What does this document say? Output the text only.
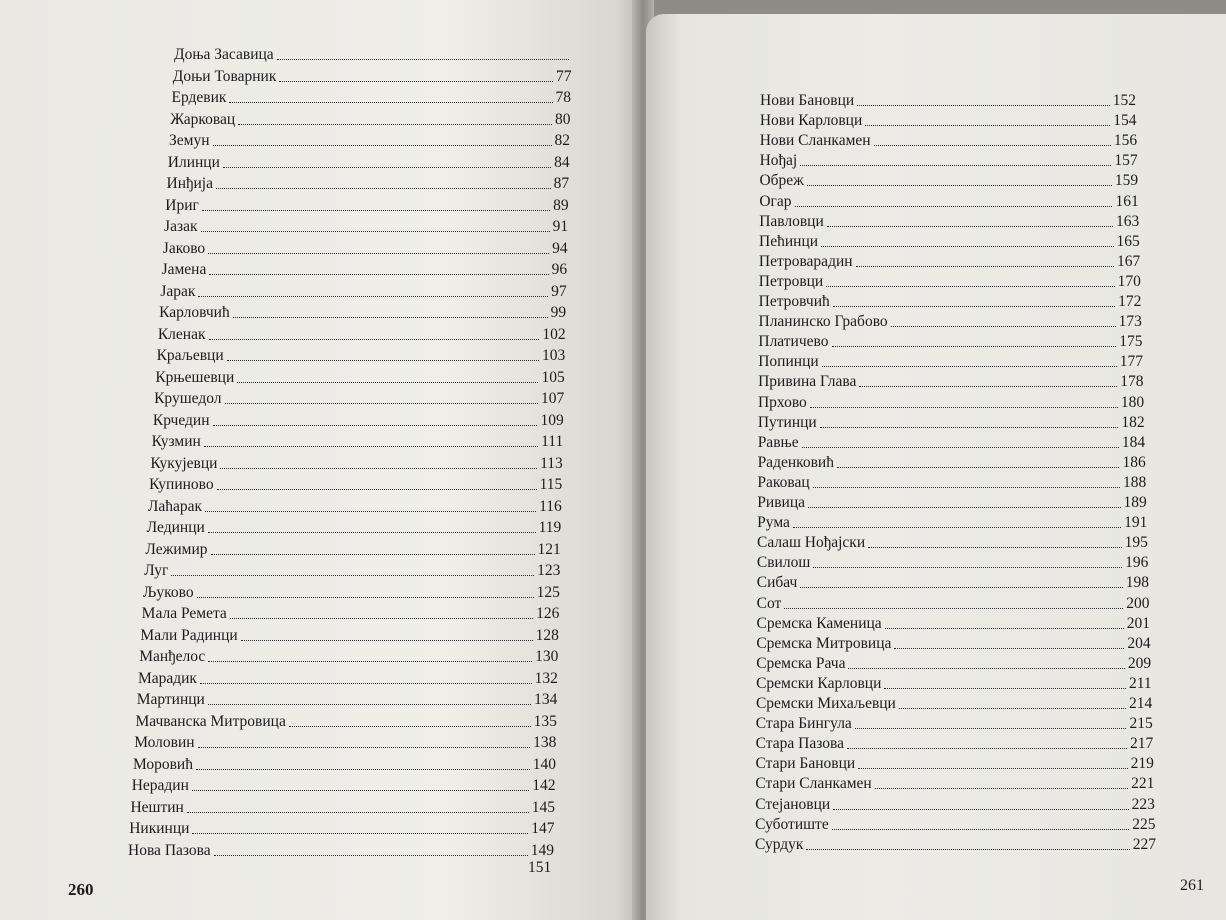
Доња Засавица
Доњи Товарник	77
Ердевик	78
Жарковац	80
Земун	82
Илинци	84
Инђија	87
Ириг	89
Јазак	91
Јаково	94
Јамена	96
Јарак	97
Карловчић	99
Кленак	102
Краљевци	103
Крњешевци	105
Крушедол	107
Крчедин	109
Кузмин	111
Кукујевци	113
Купиново	115
Лаћарак	116
Лединци	119
Лежимир	121
Луг	123
Љуково	125
Мала Ремета	126
Мали Радинци	128
Манђелос	130
Марадик	132
Мартинци	134
Мачванска Митровица	135
Моловин	138
Моровић	140
Нерадин	142
Нештин	145
Никинци	147
Нова Пазова	149
151
260
Нови Бановци	152
Нови Карловци	154
Нови Сланкамен	156
Нођај	157
Обреж	159
Огар	161
Павловци	163
Пећинци	165
Петроварадин	167
Петровци	170
Петровчић	172
Планинско Грабово	173
Платичево	175
Попинци	177
Привина Глава	178
Прхово	180
Путинци	182
Равње	184
Раденковић	186
Раковац	188
Ривица	189
Рума	191
Салаш Нођајски	195
Свилош	196
Сибач	198
Сот	200
Сремска Каменица	201
Сремска Митровица	204
Сремска Рача	209
Сремски Карловци	211
Сремски Михаљевци	214
Стара Бингула	215
Стара Пазова	217
Стари Бановци	219
Стари Сланкамен	221
Стејановци	223
Суботиште	225
Сурдук	227
261
